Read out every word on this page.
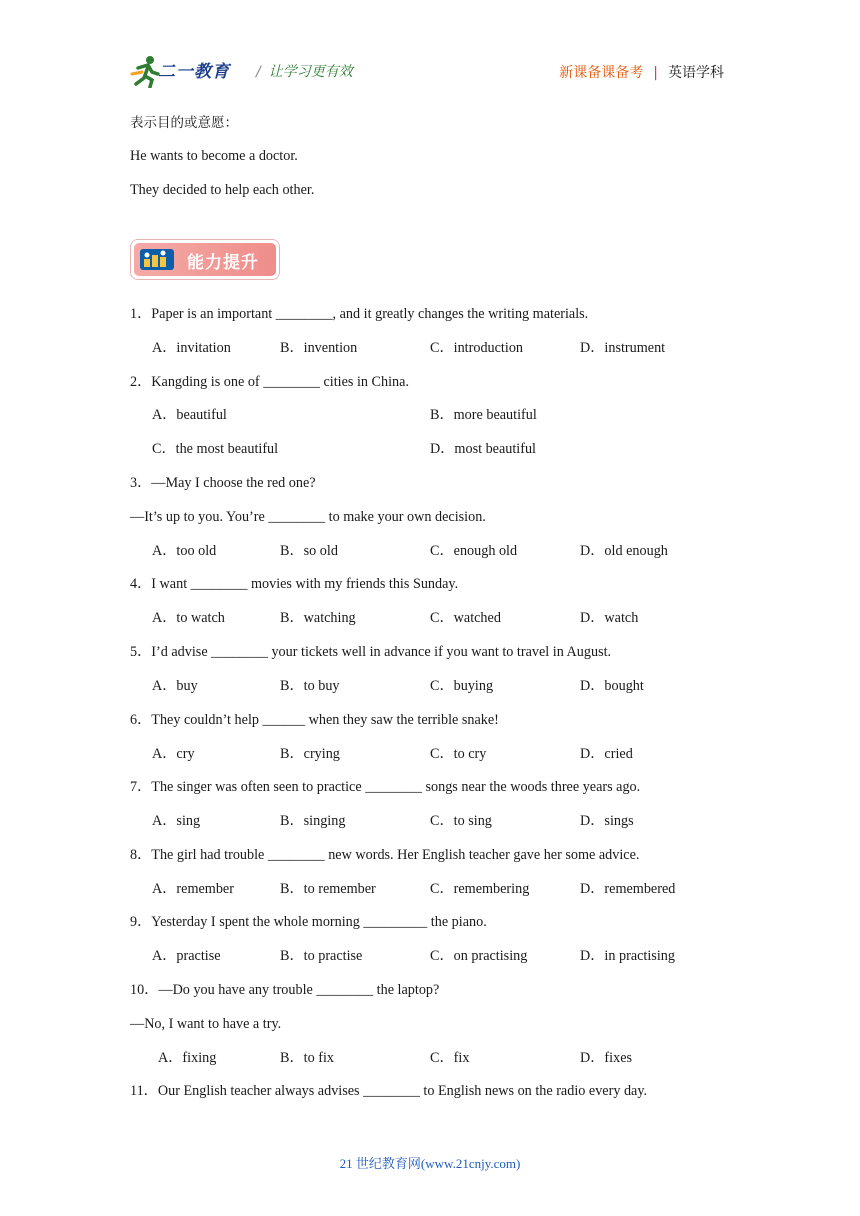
二一教育 / 让学习更有效	新课备课备考 | 英语学科
表示目的或意愿：
He wants to become a doctor.
They decided to help each other.
能力提升
1．Paper is an important ________, and it greatly changes the writing materials.
A．invitation	B．invention	C．introduction	D．instrument
2．Kangding is one of ________ cities in China.
A．beautiful	B．more beautiful
C．the most beautiful	D．most beautiful
3．—May I choose the red one?
—It’s up to you. You’re ________ to make your own decision.
A．too old	B．so old	C．enough old	D．old enough
4．I want ________ movies with my friends this Sunday.
A．to watch	B．watching	C．watched	D．watch
5．I’d advise ________ your tickets well in advance if you want to travel in August.
A．buy	B．to buy	C．buying	D．bought
6．They couldn’t help ______ when they saw the terrible snake!
A．cry	B．crying	C．to cry	D．cried
7．The singer was often seen to practice ________ songs near the woods three years ago.
A．sing	B．singing	C．to sing	D．sings
8．The girl had trouble ________ new words. Her English teacher gave her some advice.
A．remember	B．to remember	C．remembering	D．remembered
9．Yesterday I spent the whole morning _________ the piano.
A．practise	B．to practise	C．on practising	D．in practising
10．—Do you have any trouble ________ the laptop?
—No, I want to have a try.
A．fixing	B．to fix	C．fix	D．fixes
11．Our English teacher always advises ________ to English news on the radio every day.
21 世纪教育网(www.21cnjy.com)
